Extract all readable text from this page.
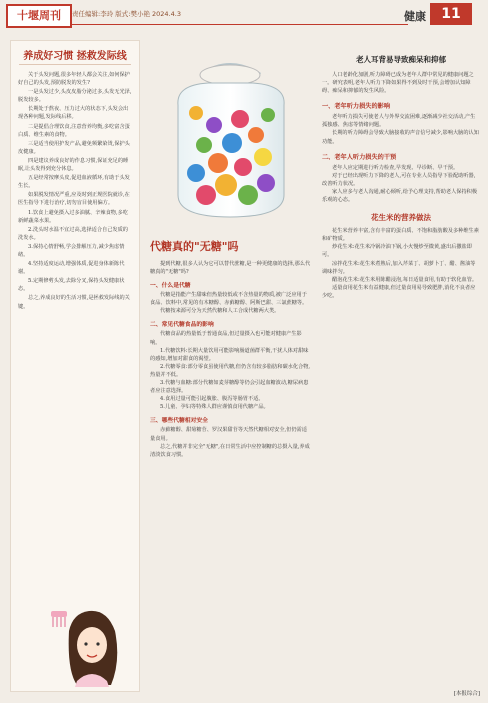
十堰周刊	责任编辑:李玲 版式:樊小艳 2024.4.3	健康	11
养成好习惯 拯救发际线
关于头发问题,很多年轻人都会关注,如何保护好自己的头发,预防脱发的发生?
一是头发过少,头皮皮脂分泌过多,头发无光泽,脱发较多。
长期处于熬夜、压力过大的状态下,头发会出现各种问题,发际线后移。
二是提倡合理饮食,注意营养均衡,多吃富含蛋白质、维生素的食物。
三是适当使用护发产品,避免频繁染烫,保护头皮健康。
四是建议养成良好的作息习惯,保证充足的睡眠,让头发得到充分休息。
五是经常按摩头皮,促进血液循环,有助于头发生长。
如果脱发情况严重,应及时到正规医院就诊,在医生指导下进行治疗,切勿盲目使用偏方。
1.饮食上避免摄入过多油腻、辛辣食物,多吃新鲜蔬菜水果。
2.洗头时水温不宜过高,选择适合自己发质的洗发水。
3.保持心情舒畅,学会排解压力,减少焦虑情绪。
4.坚持适度运动,增强体质,促进身体新陈代谢。
5.定期修剪头发,去除分叉,保持头发健康状态。
总之,养成良好的生活习惯,是拯救发际线的关键。
代糖真的"无糖"吗
提到代糖,很多人认为它可以替代蔗糖,是一种更健康的选择,那么代糖真的"无糖"吗?
一、什么是代糖
代糖是指能产生甜味但热量较低或不含热量的物质,被广泛应用于食品、饮料中,常见的有木糖醇、赤藓糖醇、阿斯巴甜、三氯蔗糖等。
代糖按来源可分为天然代糖和人工合成代糖两大类。
二、常见代糖食品的影响
代糖食品的热量低于普通食品,但过量摄入也可能对健康产生影响。
1.代糖饮料:长期大量饮用可能影响肠道菌群平衡,干扰人体对甜味的感知,增加对甜食的渴望。
2.代糖零食:部分零食虽使用代糖,但仍含有较多脂肪和碳水化合物,热量并不低。
3.代糖与血糖:部分代糖如麦芽糖醇等仍会引起血糖波动,糖尿病患者应注意选择。
4.食用过量可能引起腹胀、腹泻等肠胃不适。
5.儿童、孕妇等特殊人群应谨慎食用代糖产品。
三、哪些代糖相对安全
赤藓糖醇、甜菊糖苷、罗汉果甜苷等天然代糖相对安全,但仍需适量食用。
总之,代糖并非完全"无糖",在日常生活中应控制糖的总摄入量,养成清淡饮食习惯。
老人耳背易导致痴呆和抑郁
人口老龄化加剧,听力障碍已成为老年人群中常见的健康问题之一。研究表明,老年人听力下降如果得不到及时干预,会增加认知障碍、痴呆和抑郁的发生风险。
一、老年听力损失的影响
老年听力损失可使老人与外界交流困难,逐渐减少社交活动,产生孤独感、焦虑等情绪问题。
长期的听力障碍会导致大脑接收的声音信号减少,影响大脑的认知功能。
二、老年人听力损失的干预
老年人应定期进行听力检查,早发现、早诊断、早干预。
对于已经出现听力下降的老人,可在专业人员指导下验配助听器,改善听力状况。
家人应多与老人沟通,耐心倾听,给予心理支持,帮助老人保持积极乐观的心态。
花生米的营养做法
花生米营养丰富,含有丰富的蛋白质、不饱和脂肪酸及多种维生素和矿物质。
炒花生米:花生米冷锅冷油下锅,小火慢炒至微黄,盛出后撒盐即可。
凉拌花生米:花生米煮熟后,加入芹菜丁、胡萝卜丁、醋、酱油等调味拌匀。
醋泡花生米:花生米用陈醋浸泡,每日适量食用,有助于软化血管。
适量食用花生米有益健康,但过量食用易导致肥胖,消化不良者应少吃。
[本报综合]
